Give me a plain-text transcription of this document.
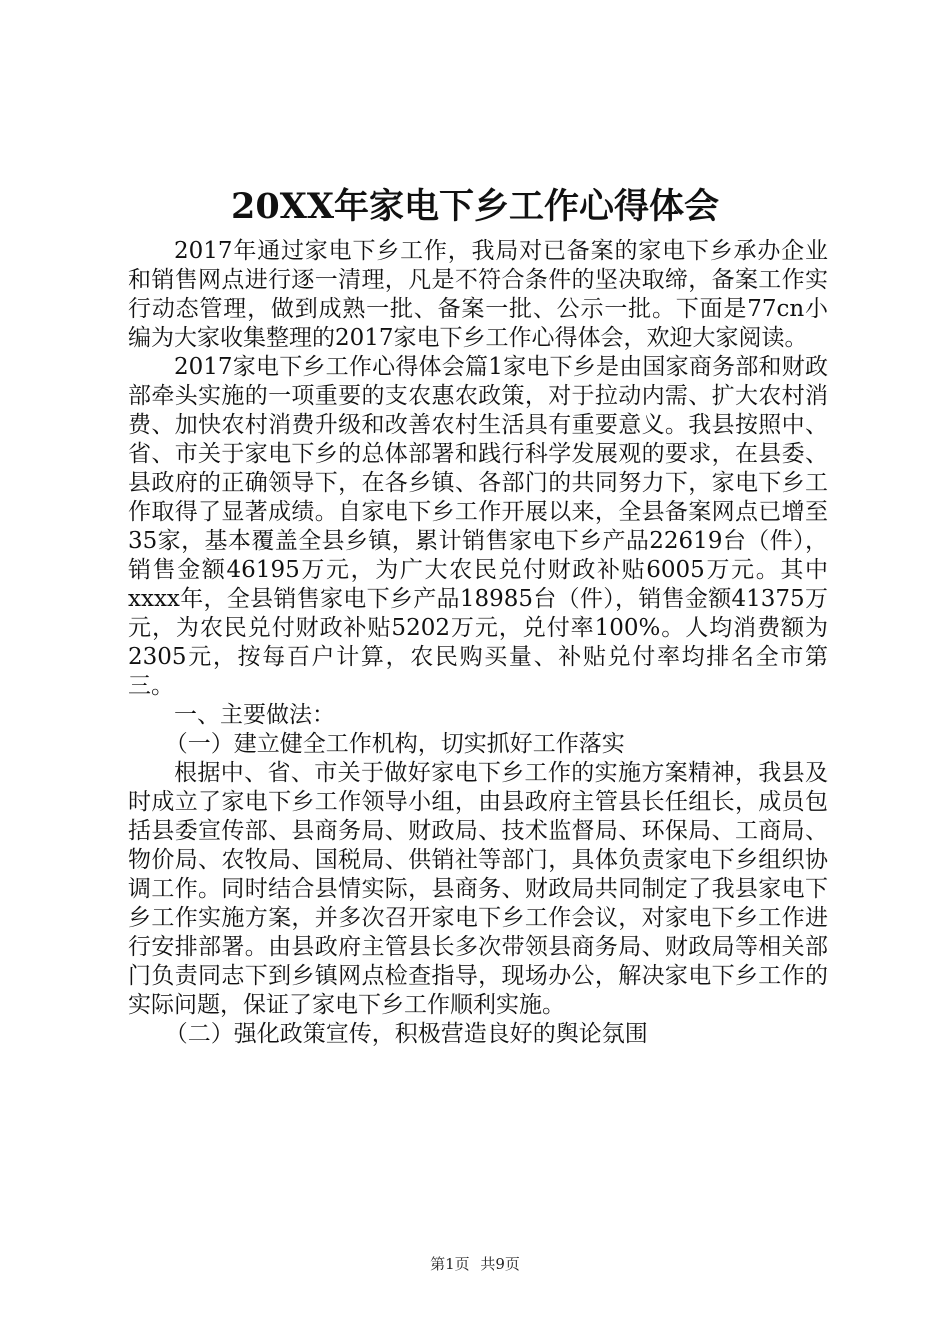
20XX年家电下乡工作心得体会

2017年通过家电下乡工作，我局对已备案的家电下乡承办企业和销售网点进行逐一清理，凡是不符合条件的坚决取缔，备案工作实行动态管理，做到成熟一批、备案一批、公示一批。下面是77cn小编为大家收集整理的2017家电下乡工作心得体会，欢迎大家阅读。

2017家电下乡工作心得体会篇1家电下乡是由国家商务部和财政部牵头实施的一项重要的支农惠农政策，对于拉动内需、扩大农村消费、加快农村消费升级和改善农村生活具有重要意义。我县按照中、省、市关于家电下乡的总体部署和践行科学发展观的要求，在县委、县政府的正确领导下，在各乡镇、各部门的共同努力下，家电下乡工作取得了显著成绩。自家电下乡工作开展以来，全县备案网点已增至35家，基本覆盖全县乡镇，累计销售家电下乡产品22619台（件），销售金额46195万元，为广大农民兑付财政补贴6005万元。其中xxxx年，全县销售家电下乡产品18985台（件），销售金额41375万元，为农民兑付财政补贴5202万元，兑付率100%。人均消费额为2305元，按每百户计算，农民购买量、补贴兑付率均排名全市第三。

一、主要做法：

（一）建立健全工作机构，切实抓好工作落实

根据中、省、市关于做好家电下乡工作的实施方案精神，我县及时成立了家电下乡工作领导小组，由县政府主管县长任组长，成员包括县委宣传部、县商务局、财政局、技术监督局、环保局、工商局、物价局、农牧局、国税局、供销社等部门，具体负责家电下乡组织协调工作。同时结合县情实际，县商务、财政局共同制定了我县家电下乡工作实施方案，并多次召开家电下乡工作会议，对家电下乡工作进行安排部署。由县政府主管县长多次带领县商务局、财政局等相关部门负责同志下到乡镇网点检查指导，现场办公，解决家电下乡工作的实际问题，保证了家电下乡工作顺利实施。

（二）强化政策宣传，积极营造良好的舆论氛围

第1页 共9页
